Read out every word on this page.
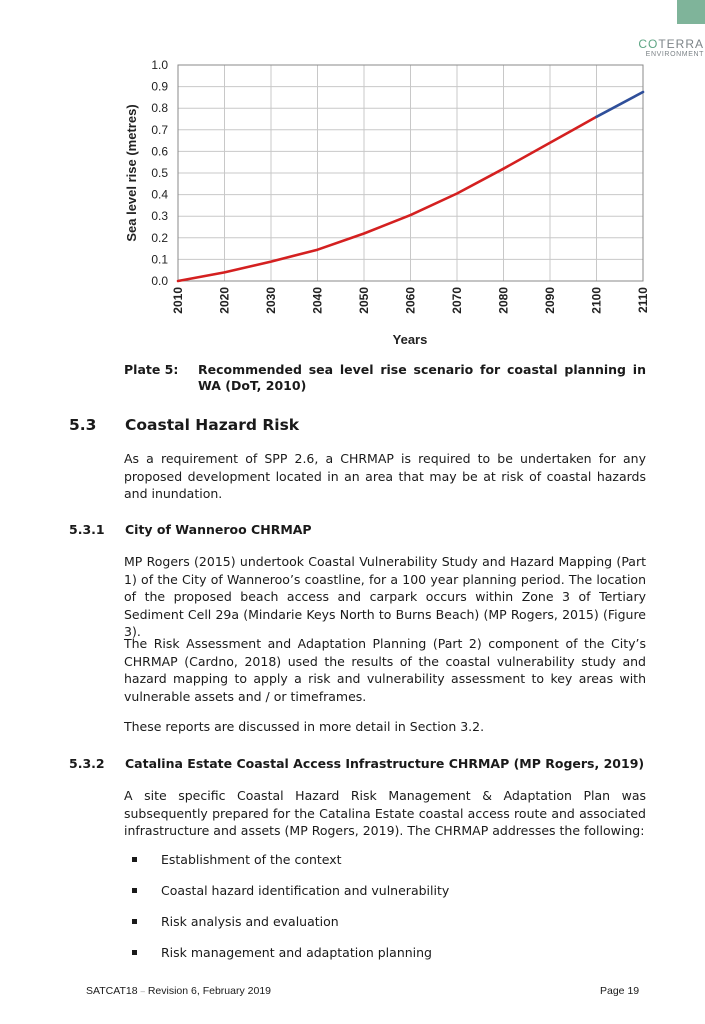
COTERRA
ENVIRONMENT
0.0
0.1
0.2
0.3
0.4
0.5
0.6
0.7
0.8
0.9
1.0
2010	2020	2030	2040	2050	2060	2070	2080	2090	2100	2110
Sea level rise (metres)
Years
Plate 5:	Recommended sea level rise scenario for coastal planning in WA (DoT, 2010)
5.3 Coastal Hazard Risk

As a requirement of SPP 2.6, a CHRMAP is required to be undertaken for any proposed development located in an area that may be at risk of coastal hazards and inundation.

5.3.1 City of Wanneroo CHRMAP

MP Rogers (2015) undertook Coastal Vulnerability Study and Hazard Mapping (Part 1) of the City of Wanneroo’s coastline, for a 100 year planning period. The location of the proposed beach access and carpark occurs within Zone 3 of Tertiary Sediment Cell 29a (Mindarie Keys North to Burns Beach) (MP Rogers, 2015) (Figure 3).

The Risk Assessment and Adaptation Planning (Part 2) component of the City’s CHRMAP (Cardno, 2018) used the results of the coastal vulnerability study and hazard mapping to apply a risk and vulnerability assessment to key areas with vulnerable assets and / or timeframes.

These reports are discussed in more detail in Section 3.2.

5.3.2 Catalina Estate Coastal Access Infrastructure CHRMAP (MP Rogers, 2019)

A site specific Coastal Hazard Risk Management & Adaptation Plan was subsequently prepared for the Catalina Estate coastal access route and associated infrastructure and assets (MP Rogers, 2019). The CHRMAP addresses the following:

Establishment of the context
Coastal hazard identification and vulnerability
Risk analysis and evaluation
Risk management and adaptation planning
SATCAT18 – Revision 6, February 2019	Page 19
